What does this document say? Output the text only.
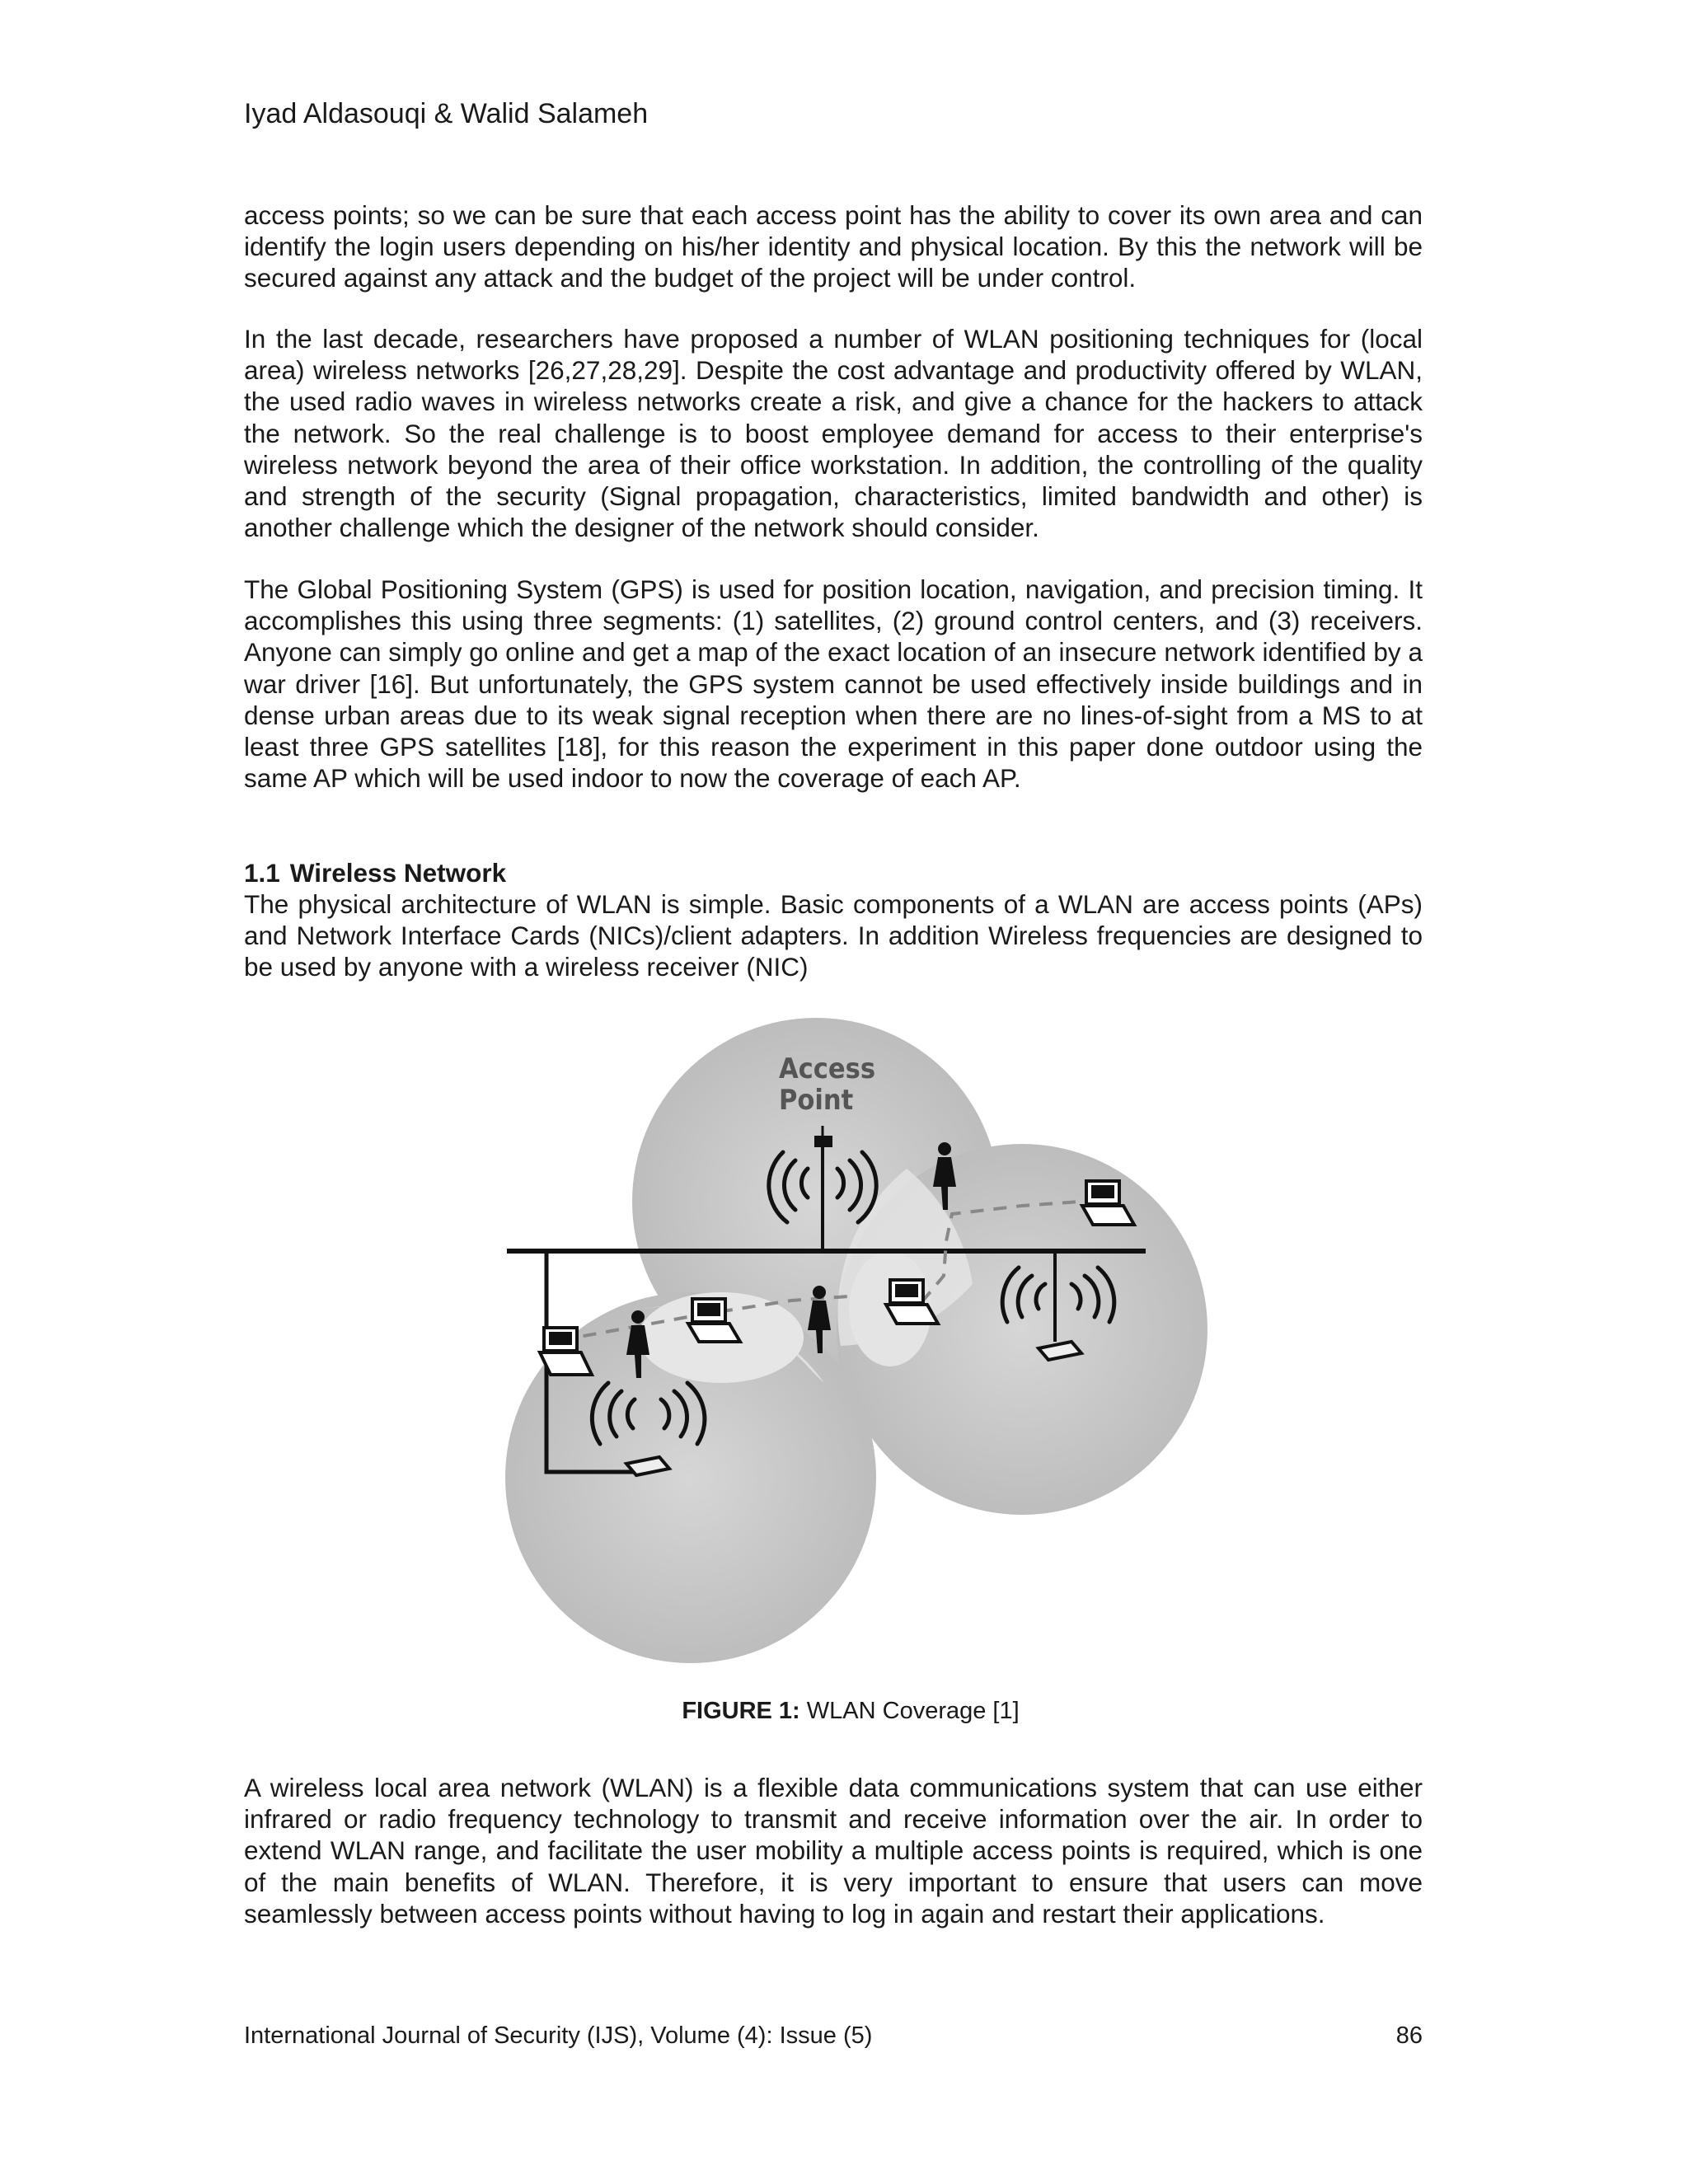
Iyad Aldasouqi & Walid Salameh

access points; so we can be sure that each access point has the ability to cover its own area and can identify the login users depending on his/her identity and physical location. By this the network will be secured against any attack and the budget of the project will be under control.

In the last decade, researchers have proposed a number of WLAN positioning techniques for (local area) wireless networks [26,27,28,29]. Despite the cost advantage and productivity offered by WLAN, the used radio waves in wireless networks create a risk, and give a chance for the hackers to attack the network. So the real challenge is to boost employee demand for access to their enterprise's wireless network beyond the area of their office workstation. In addition, the controlling of the quality and strength of the security (Signal propagation, characteristics, limited bandwidth and other) is another challenge which the designer of the network should consider.

The Global Positioning System (GPS) is used for position location, navigation, and precision timing. It accomplishes this using three segments: (1) satellites, (2) ground control centers, and (3) receivers. Anyone can simply go online and get a map of the exact location of an insecure network identified by a war driver [16]. But unfortunately, the GPS system cannot be used effectively inside buildings and in dense urban areas due to its weak signal reception when there are no lines-of-sight from a MS to at least three GPS satellites [18], for this reason the experiment in this paper done outdoor using the same AP which will be used indoor to now the coverage of each AP.

1.1 Wireless Network

The physical architecture of WLAN is simple. Basic components of a WLAN are access points (APs) and Network Interface Cards (NICs)/client adapters. In addition Wireless frequencies are designed to be used by anyone with a wireless receiver (NIC)

Access
Point
FIGURE 1: WLAN Coverage [1]

A wireless local area network (WLAN) is a flexible data communications system that can use either infrared or radio frequency technology to transmit and receive information over the air. In order to extend WLAN range, and facilitate the user mobility a multiple access points is required, which is one of the main benefits of WLAN. Therefore, it is very important to ensure that users can move seamlessly between access points without having to log in again and restart their applications.

International Journal of Security (IJS), Volume (4): Issue (5)	86
